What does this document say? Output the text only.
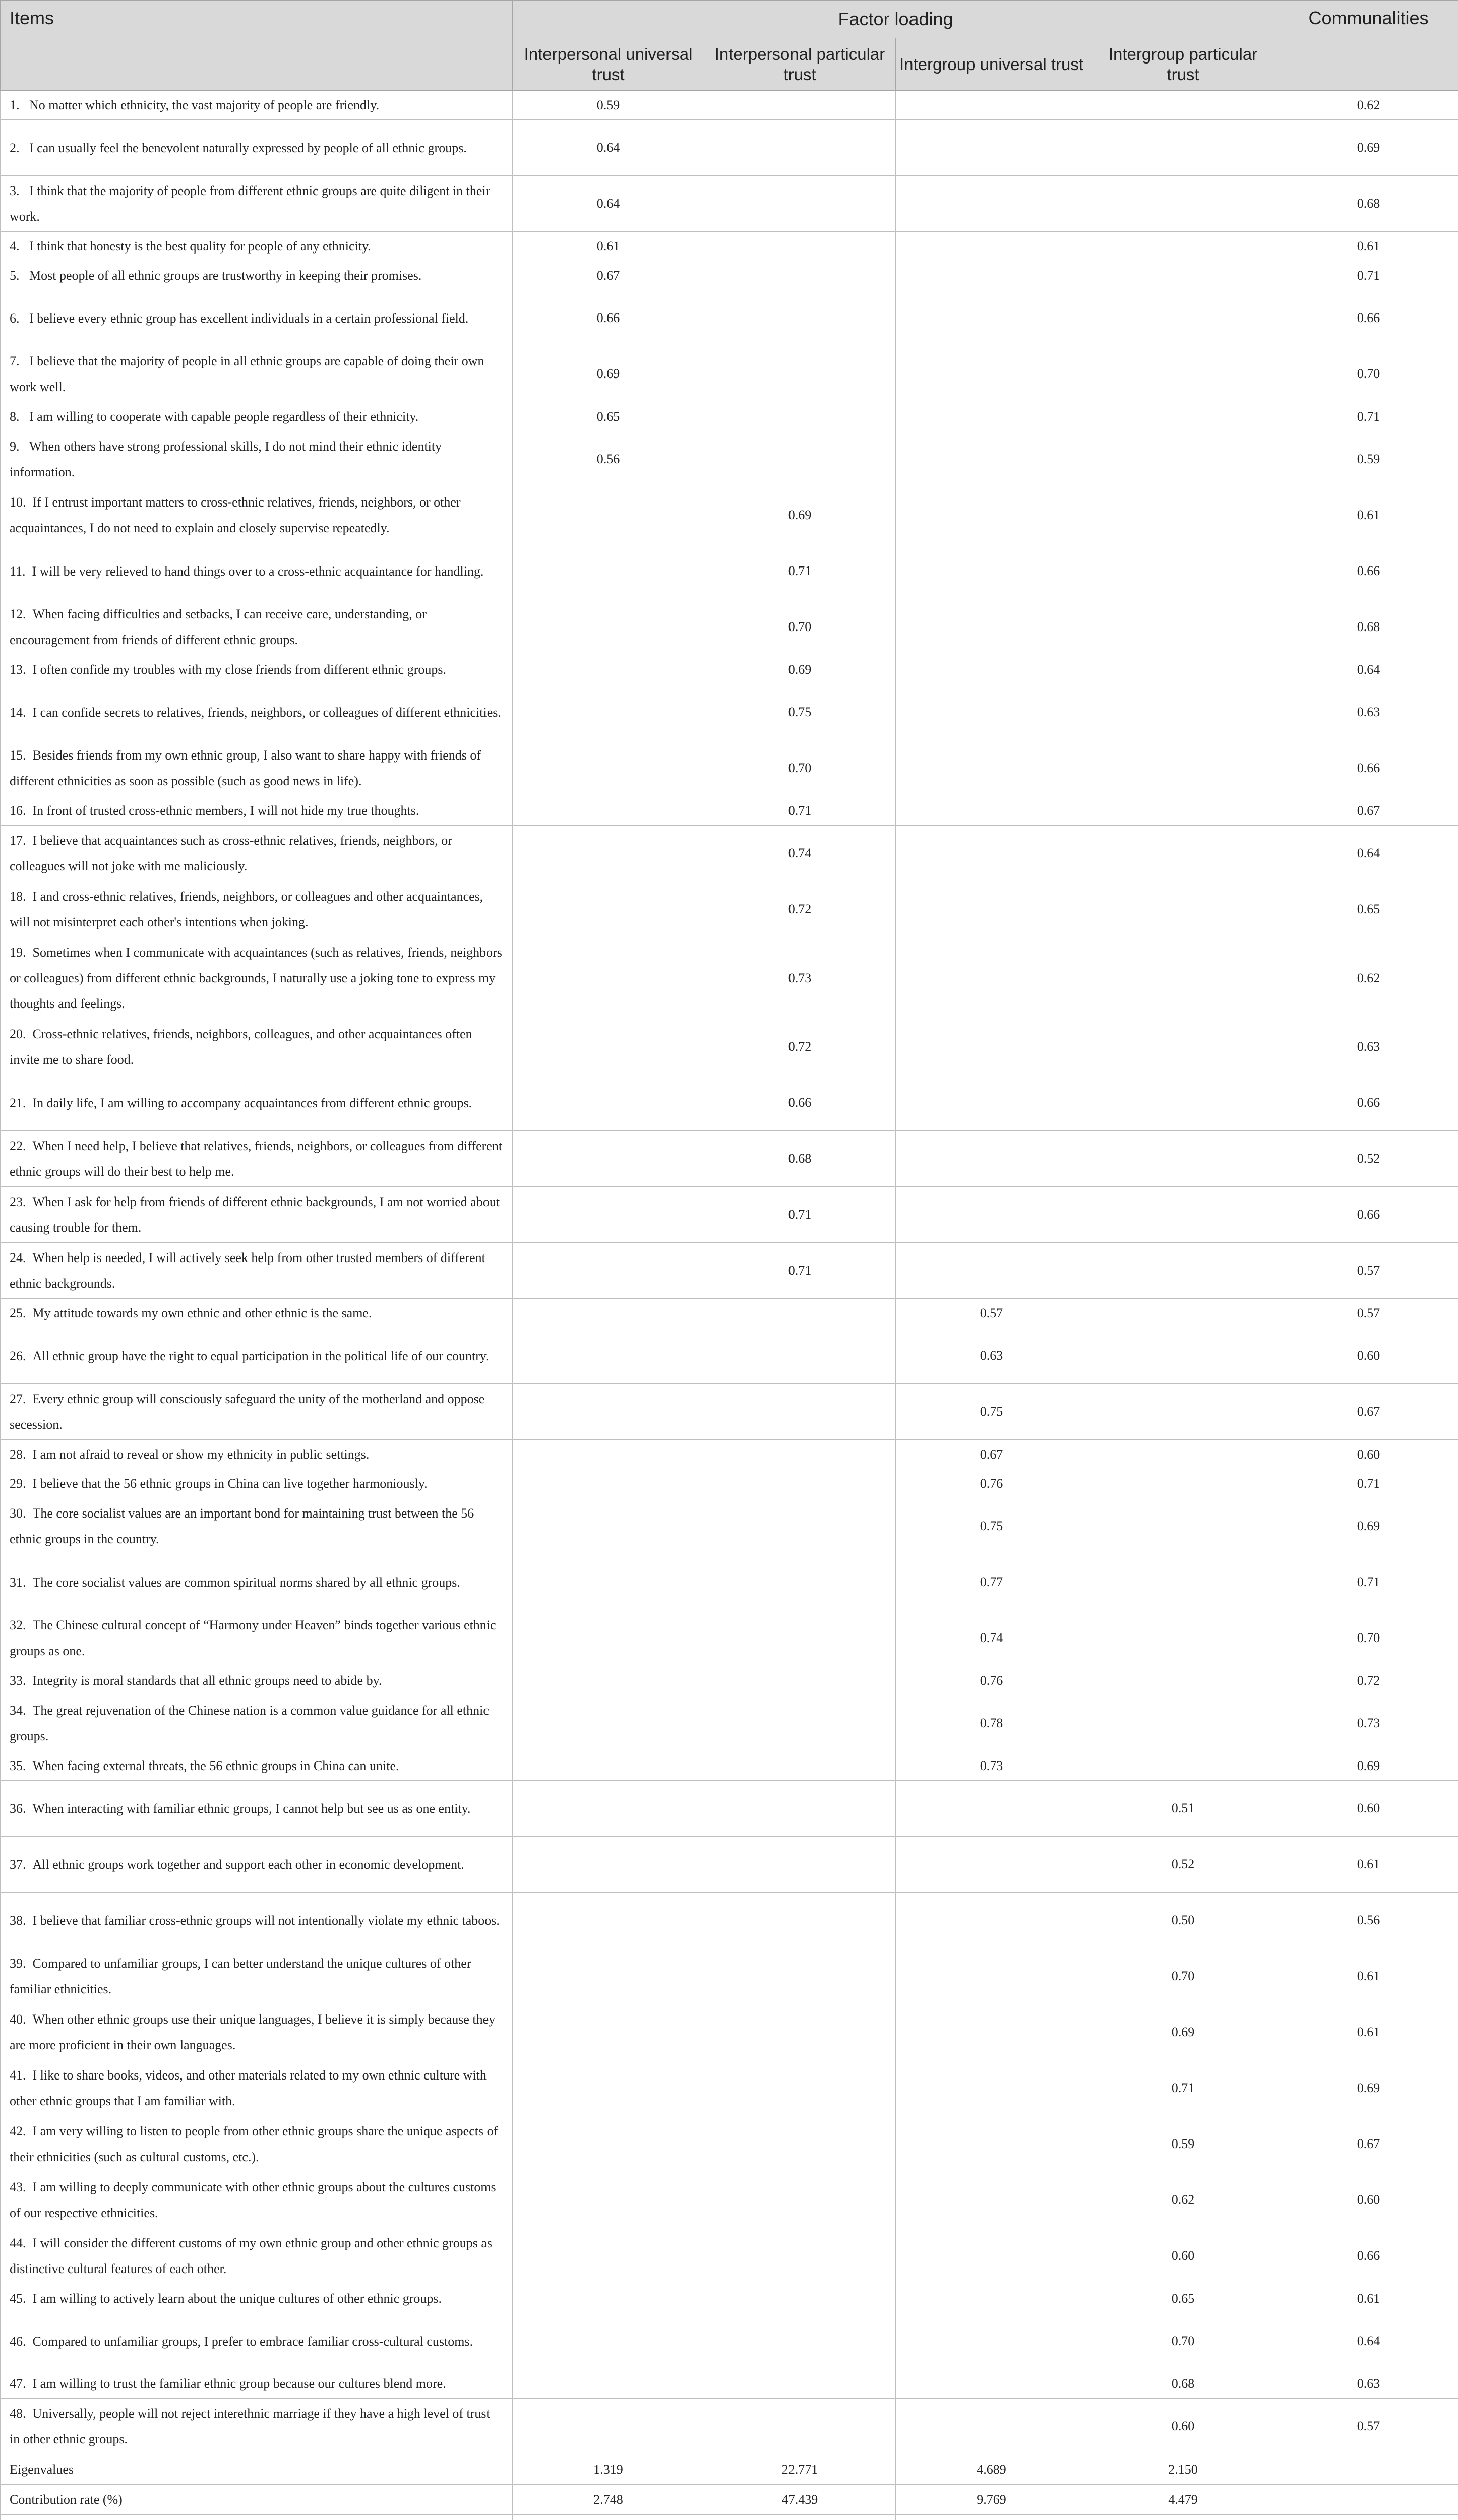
Items	Factor loading				Communalities
	Interpersonal universal trust	Interpersonal particular trust	Intergroup universal trust	Intergroup particular trust	
1.   No matter which ethnicity, the vast majority of people are friendly.	0.59				0.62
2.   I can usually feel the benevolent naturally expressed by people of all ethnic groups.	0.64				0.69
3.   I think that the majority of people from different ethnic groups are quite diligent in their work.	0.64				0.68
4.   I think that honesty is the best quality for people of any ethnicity.	0.61				0.61
5.   Most people of all ethnic groups are trustworthy in keeping their promises.	0.67				0.71
6.   I believe every ethnic group has excellent individuals in a certain professional field.	0.66				0.66
7.   I believe that the majority of people in all ethnic groups are capable of doing their own work well.	0.69				0.70
8.   I am willing to cooperate with capable people regardless of their ethnicity.	0.65				0.71
9.   When others have strong professional skills, I do not mind their ethnic identity information.	0.56				0.59
10.  If I entrust important matters to cross-ethnic relatives, friends, neighbors, or other acquaintances, I do not need to explain and closely supervise repeatedly.		0.69			0.61
11.  I will be very relieved to hand things over to a cross-ethnic acquaintance for handling.		0.71			0.66
12.  When facing difficulties and setbacks, I can receive care, understanding, or encouragement from friends of different ethnic groups.		0.70			0.68
13.  I often confide my troubles with my close friends from different ethnic groups.		0.69			0.64
14.  I can confide secrets to relatives, friends, neighbors, or colleagues of different ethnicities.		0.75			0.63
15.  Besides friends from my own ethnic group, I also want to share happy with friends of different ethnicities as soon as possible (such as good news in life).		0.70			0.66
16.  In front of trusted cross-ethnic members, I will not hide my true thoughts.		0.71			0.67
17.  I believe that acquaintances such as cross-ethnic relatives, friends, neighbors, or colleagues will not joke with me maliciously.		0.74			0.64
18.  I and cross-ethnic relatives, friends, neighbors, or colleagues and other acquaintances, will not misinterpret each other's intentions when joking.		0.72			0.65
19.  Sometimes when I communicate with acquaintances (such as relatives, friends, neighbors or colleagues) from different ethnic backgrounds, I naturally use a joking tone to express my thoughts and feelings.		0.73			0.62
20.  Cross-ethnic relatives, friends, neighbors, colleagues, and other acquaintances often invite me to share food.		0.72			0.63
21.  In daily life, I am willing to accompany acquaintances from different ethnic groups.		0.66			0.66
22.  When I need help, I believe that relatives, friends, neighbors, or colleagues from different ethnic groups will do their best to help me.		0.68			0.52
23.  When I ask for help from friends of different ethnic backgrounds, I am not worried about causing trouble for them.		0.71			0.66
24.  When help is needed, I will actively seek help from other trusted members of different ethnic backgrounds.		0.71			0.57
25.  My attitude towards my own ethnic and other ethnic is the same.			0.57		0.57
26.  All ethnic group have the right to equal participation in the political life of our country.			0.63		0.60
27.  Every ethnic group will consciously safeguard the unity of the motherland and oppose secession.			0.75		0.67
28.  I am not afraid to reveal or show my ethnicity in public settings.			0.67		0.60
29.  I believe that the 56 ethnic groups in China can live together harmoniously.			0.76		0.71
30.  The core socialist values are an important bond for maintaining trust between the 56 ethnic groups in the country.			0.75		0.69
31.  The core socialist values are common spiritual norms shared by all ethnic groups.			0.77		0.71
32.  The Chinese cultural concept of “Harmony under Heaven” binds together various ethnic groups as one.			0.74		0.70
33.  Integrity is moral standards that all ethnic groups need to abide by.			0.76		0.72
34.  The great rejuvenation of the Chinese nation is a common value guidance for all ethnic groups.			0.78		0.73
35.  When facing external threats, the 56 ethnic groups in China can unite.			0.73		0.69
36.  When interacting with familiar ethnic groups, I cannot help but see us as one entity.				0.51	0.60
37.  All ethnic groups work together and support each other in economic development.				0.52	0.61
38.  I believe that familiar cross-ethnic groups will not intentionally violate my ethnic taboos.				0.50	0.56
39.  Compared to unfamiliar groups, I can better understand the unique cultures of other familiar ethnicities.				0.70	0.61
40.  When other ethnic groups use their unique languages, I believe it is simply because they are more proficient in their own languages.				0.69	0.61
41.  I like to share books, videos, and other materials related to my own ethnic culture with other ethnic groups that I am familiar with.				0.71	0.69
42.  I am very willing to listen to people from other ethnic groups share the unique aspects of their ethnicities (such as cultural customs, etc.).				0.59	0.67
43.  I am willing to deeply communicate with other ethnic groups about the cultures customs of our respective ethnicities.				0.62	0.60
44.  I will consider the different customs of my own ethnic group and other ethnic groups as distinctive cultural features of each other.				0.60	0.66
45.  I am willing to actively learn about the unique cultures of other ethnic groups.				0.65	0.61
46.  Compared to unfamiliar groups, I prefer to embrace familiar cross-cultural customs.				0.70	0.64
47.  I am willing to trust the familiar ethnic group because our cultures blend more.				0.68	0.63
48.  Universally, people will not reject interethnic marriage if they have a high level of trust in other ethnic groups.				0.60	0.57
Eigenvalues	1.319	22.771	4.689	2.150	
Contribution rate (%)	2.748	47.439	9.769	4.479	
